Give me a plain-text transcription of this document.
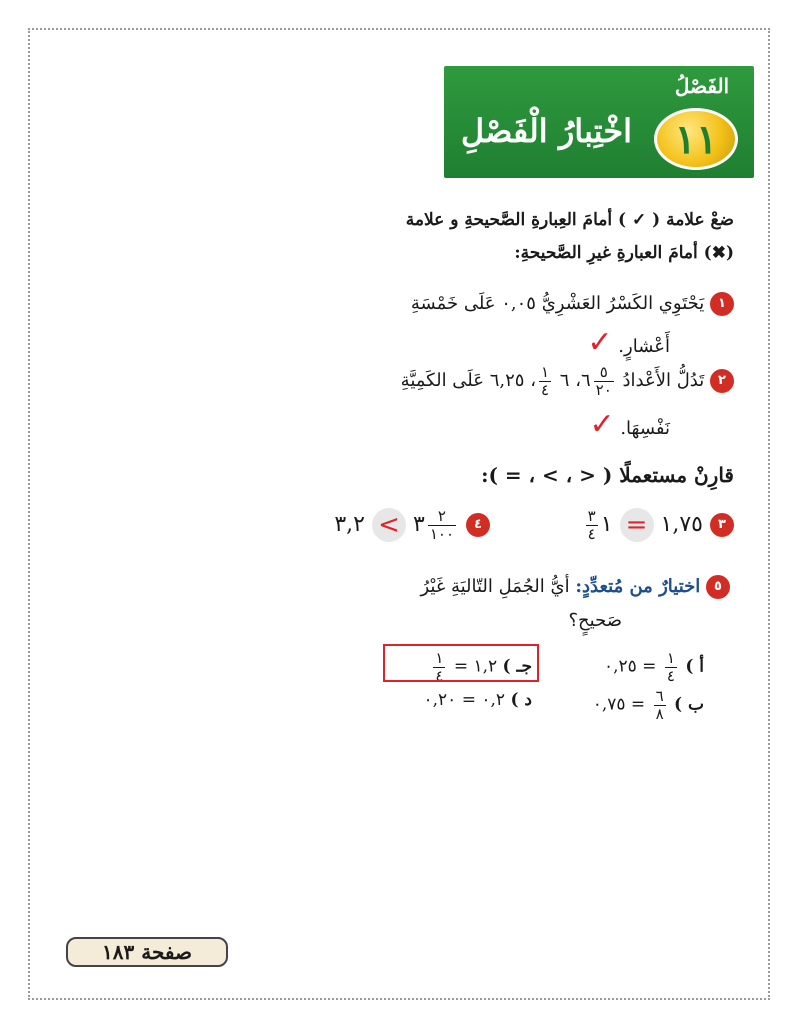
الفَصْلُ
اخْتِبارُ الْفَصْلِ	١١
ضعْ علامة ( ✓ ) أمامَ العِبارةِ الصَّحيحةِ و علامة
(✖) أمامَ العبارةِ غيرِ الصَّحيحةِ:
١ يَحْتَوِي الكَسْرُ العَشْرِيُّ ٠,٠٥ عَلَى خَمْسَةِ
أَعْشارٍ. ✓
٢ تَدُلُّ الأَعْدادُ
$\frac{٥}{٢٠}$
٦، ٦
$\frac{١}{٤}$
، ٦,٢٥ عَلَى الكَمِيَّةِ
نَفْسِهَا. ✓
قارِنْ مستعملًا ( < ، > ، = ):
٣ ١,٧٥ = ١
$\frac{٣}{٤}$
٤
$\frac{٢}{١٠٠}$
٣ > ٣,٢
٥ اختيارٌ من مُتعدِّدٍ: أيُّ الجُمَلِ التّاليَةِ غَيْرُ
صَحيحٍ؟
أ )
$\frac{١}{٤}$
= ٠,٢٥
جـ ) ١,٢ =
$\frac{١}{٤}$
ب )
$\frac{٦}{٨}$
= ٠,٧٥
د ) ٠,٢ = ٠,٢٠
صفحة ١٨٣
